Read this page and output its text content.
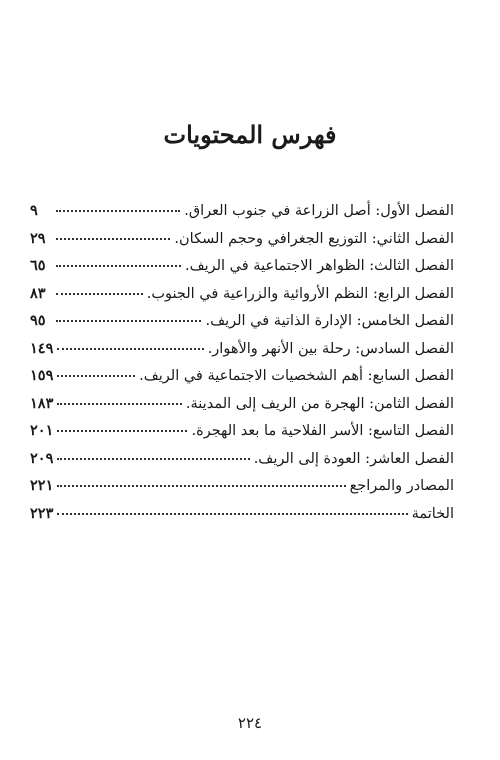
فهرس المحتويات
الفصل الأول: أصل الزراعة في جنوب العراق.
٩
الفصل الثاني: التوزيع الجغرافي وحجم السكان.
٢٩
الفصل الثالث: الظواهر الاجتماعية في الريف.
٦٥
الفصل الرابع: النظم الأروائية والزراعية في الجنوب.
٨٣
الفصل الخامس: الإدارة الذاتية في الريف.
٩٥
الفصل السادس: رحلة بين الأنهر والأهوار.
١٤٩
الفصل السابع: أهم الشخصيات الاجتماعية في الريف.
١٥٩
الفصل الثامن: الهجرة من الريف إلى المدينة.
١٨٣
الفصل التاسع: الأسر الفلاحية ما بعد الهجرة.
٢٠١
الفصل العاشر: العودة إلى الريف.
٢٠٩
المصادر والمراجع
٢٢١
الخاتمة
٢٢٣
٢٢٤
